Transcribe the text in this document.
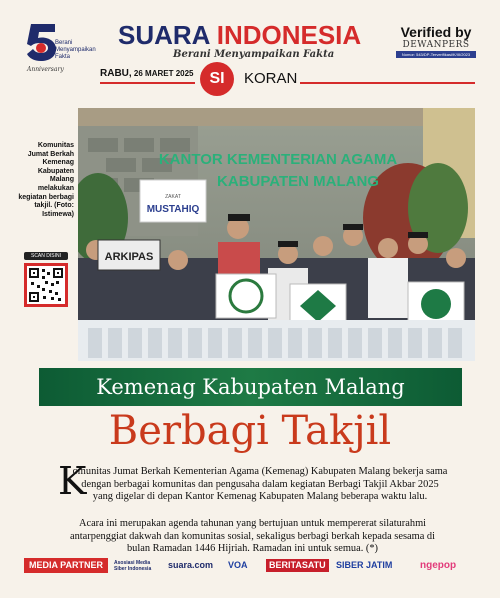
Berani
Menyampaikan
Fakta
Anniversary
SUARA INDONESIA
Berani Menyampaikan Fakta
Verified by
DEWANPERS
Nomor: 543/DP-Terverifikasi/K/III/2023
RABU, 26 MARET 2025 SI	KORAN
KANTOR KEMENTERIAN AGAMA
KABUPATEN MALANG
ZAKAT
MUSTAHIQ
ARKIPAS
Komunitas Jumat Berkah Kemenag Kabupaten Malang melakukan kegiatan berbagi takjil. (Foto: Istimewa)
SCAN DISINI
Kemenag Kabupaten Malang
Berbagi Takjil
K
omunitas Jumat Berkah Kementerian Agama (Kemenag) Kabupaten Malang bekerja sama dengan berbagai komunitas dan pengusaha dalam kegiatan Berbagi Takjil Akbar 2025 yang digelar di depan Kantor Kemenag Kabupaten Malang beberapa waktu lalu.
Acara ini merupakan agenda tahunan yang bertujuan untuk mempererat silaturahmi antarpenggiat dakwah dan komunitas sosial, sekaligus berbagi berkah kepada sesama di bulan Ramadan 1446 Hijriah. Ramadan ini untuk semua. (*)
MEDIA PARTNER	Asosiasi Media Siber Indonesia	suara.com VOA	BERITASATU	SIBER JATIM	ngepop
